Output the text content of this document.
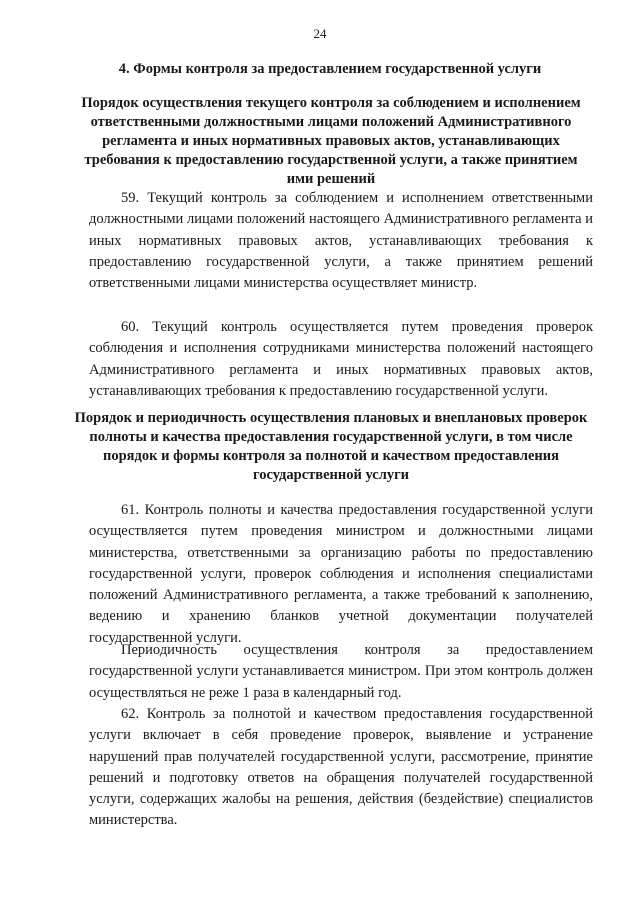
24
4. Формы контроля за предоставлением государственной услуги
Порядок осуществления текущего контроля за соблюдением и исполнением ответственными должностными лицами положений Административного регламента и иных нормативных правовых актов, устанавливающих требования к предоставлению государственной услуги, а также принятием ими решений

59. Текущий контроль за соблюдением и исполнением ответственными должностными лицами положений настоящего Административного регламента и иных нормативных правовых актов, устанавливающих требования к предоставлению государственной услуги, а также принятием решений ответственными лицами министерства осуществляет министр.

60. Текущий контроль осуществляется путем проведения проверок соблюдения и исполнения сотрудниками министерства положений настоящего Административного регламента и иных нормативных правовых актов, устанавливающих требования к предоставлению государственной услуги.

Порядок и периодичность осуществления плановых и внеплановых проверок полноты и качества предоставления государственной услуги, в том числе порядок и формы контроля за полнотой и качеством предоставления государственной услуги

61. Контроль полноты и качества предоставления государственной услуги осуществляется путем проведения министром и должностными лицами министерства, ответственными за организацию работы по предоставлению государственной услуги, проверок соблюдения и исполнения специалистами положений Административного регламента, а также требований к заполнению, ведению и хранению бланков учетной документации получателей государственной услуги.

Периодичность осуществления контроля за предоставлением государственной услуги устанавливается министром. При этом контроль должен осуществляться не реже 1 раза в календарный год.

62. Контроль за полнотой и качеством предоставления государственной услуги включает в себя проведение проверок, выявление и устранение нарушений прав получателей государственной услуги, рассмотрение, принятие решений и подготовку ответов на обращения получателей государственной услуги, содержащих жалобы на решения, действия (бездействие) специалистов министерства.
